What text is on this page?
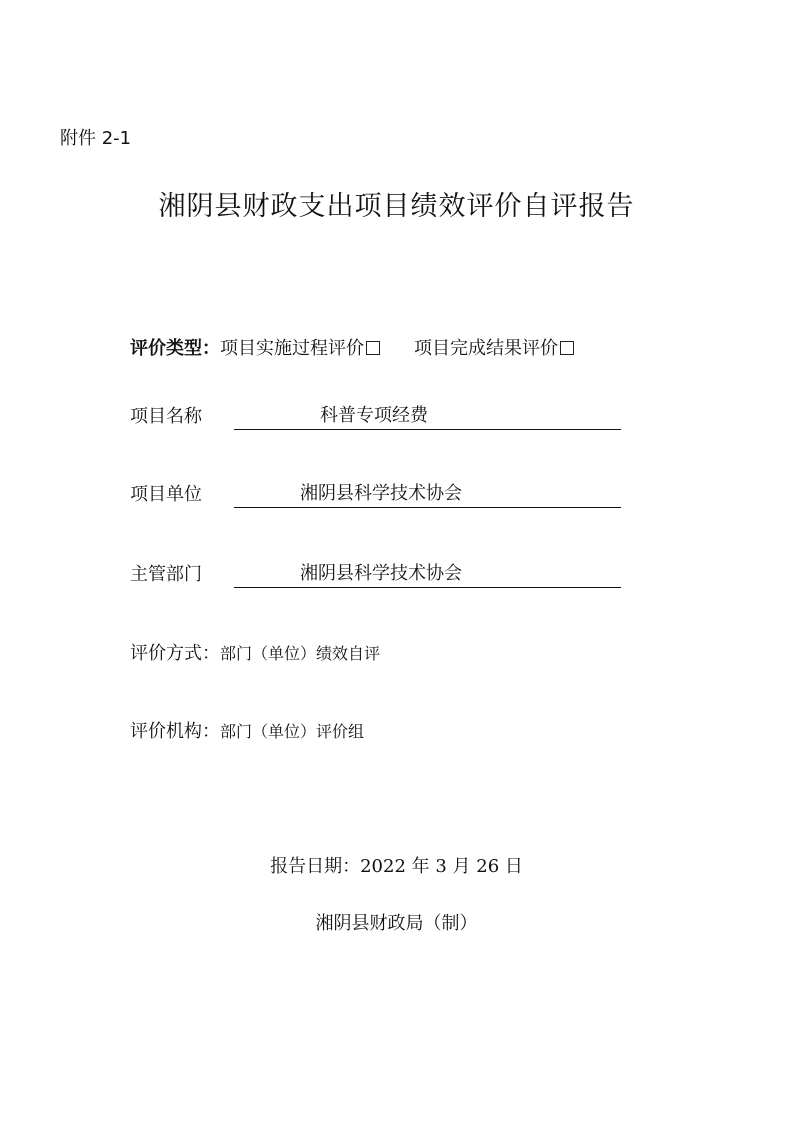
附件 2-1
湘阴县财政支出项目绩效评价自评报告
评价类型：项目实施过程评价	项目完成结果评价
项目名称	科普专项经费
项目单位	湘阴县科学技术协会
主管部门	湘阴县科学技术协会
评价方式：部门（单位）绩效自评
评价机构：部门（单位）评价组
报告日期：2022 年 3 月 26 日
湘阴县财政局（制）
